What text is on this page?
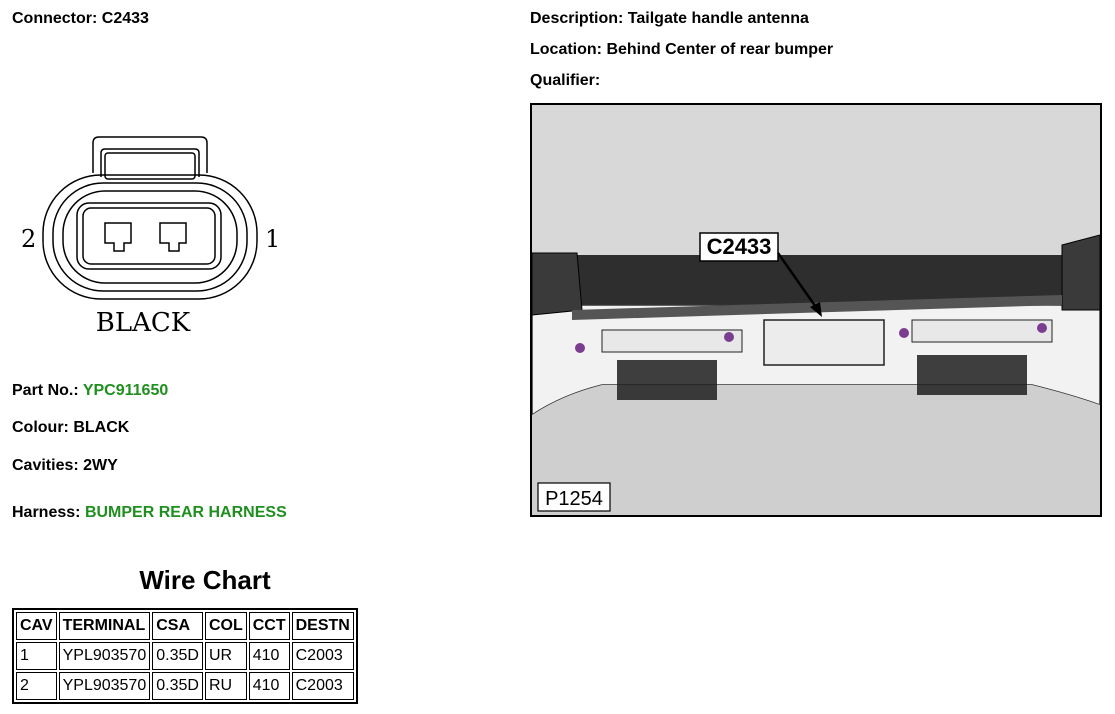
Connector: C2433	Description: Tailgate handle antenna
Location: Behind Center of rear bumper
Qualifier:
2	1
BLACK
Part No.: YPC911650
Colour: BLACK
Cavities: 2WY
Harness: BUMPER REAR HARNESS
C2433
P1254
Wire Chart
CAV	TERMINAL	CSA	COL	CCT	DESTN
1	YPL903570	0.35D	UR	410	C2003
2	YPL903570	0.35D	RU	410	C2003
